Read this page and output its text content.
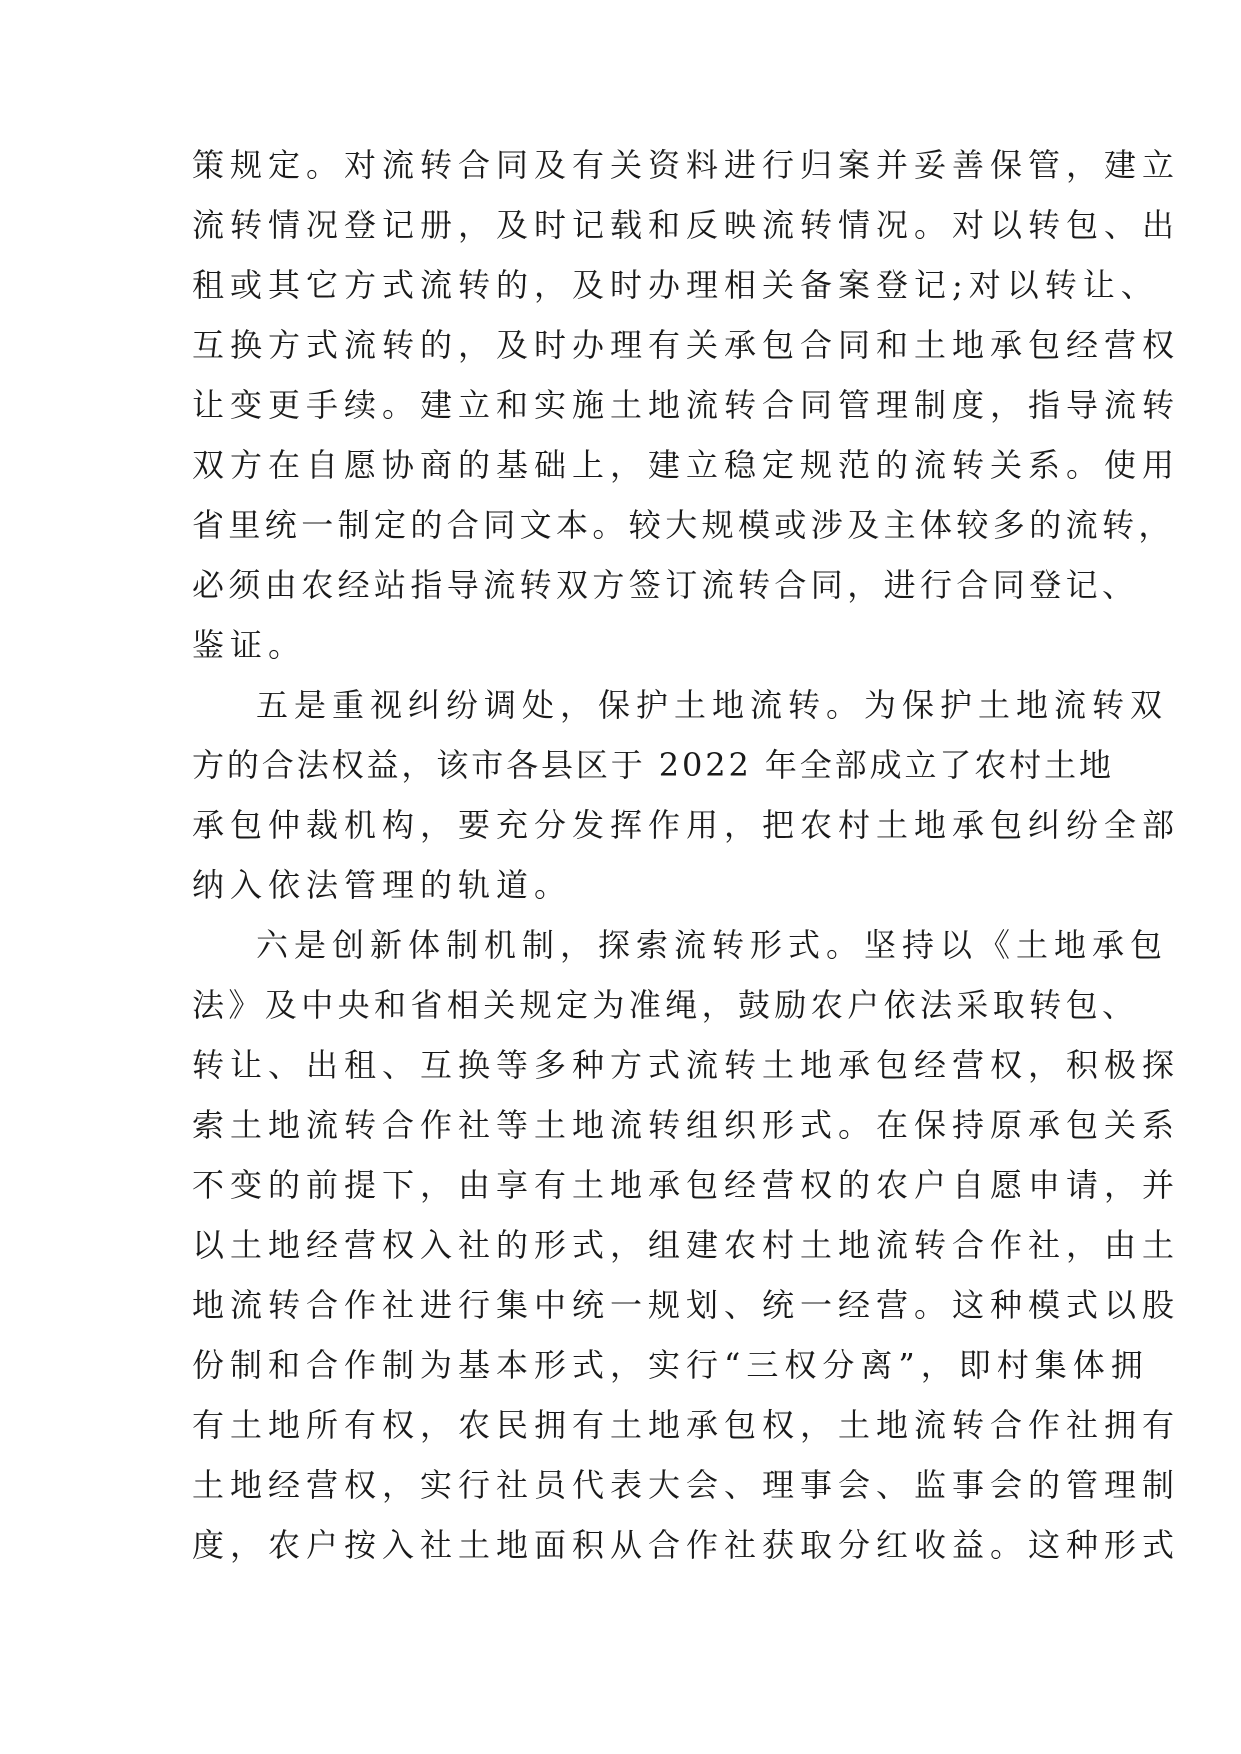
策规定。对流转合同及有关资料进行归案并妥善保管，建立
流转情况登记册，及时记载和反映流转情况。对以转包、出
租或其它方式流转的，及时办理相关备案登记;对以转让、
互换方式流转的，及时办理有关承包合同和土地承包经营权
让变更手续。建立和实施土地流转合同管理制度，指导流转
双方在自愿协商的基础上，建立稳定规范的流转关系。使用
省里统一制定的合同文本。较大规模或涉及主体较多的流转，
必须由农经站指导流转双方签订流转合同，进行合同登记、
鉴证。
五是重视纠纷调处，保护土地流转。为保护土地流转双
方的合法权益，该市各县区于 2022 年全部成立了农村土地
承包仲裁机构，要充分发挥作用，把农村土地承包纠纷全部
纳入依法管理的轨道。
六是创新体制机制，探索流转形式。坚持以《土地承包
法》及中央和省相关规定为准绳，鼓励农户依法采取转包、
转让、出租、互换等多种方式流转土地承包经营权，积极探
索土地流转合作社等土地流转组织形式。在保持原承包关系
不变的前提下，由享有土地承包经营权的农户自愿申请，并
以土地经营权入社的形式，组建农村土地流转合作社，由土
地流转合作社进行集中统一规划、统一经营。这种模式以股
份制和合作制为基本形式，实行“三权分离”，即村集体拥
有土地所有权，农民拥有土地承包权，土地流转合作社拥有
土地经营权，实行社员代表大会、理事会、监事会的管理制
度，农户按入社土地面积从合作社获取分红收益。这种形式
